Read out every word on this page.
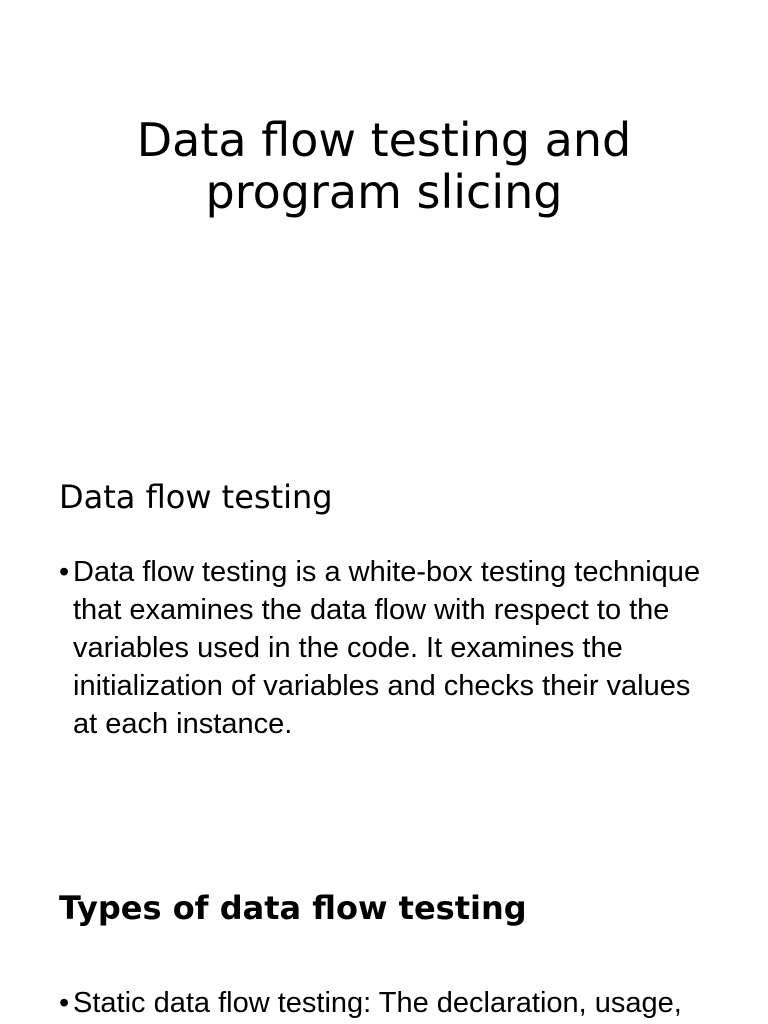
Data flow testing and
program slicing
Data flow testing
• Data flow testing is a white-box testing technique that examines the data flow with respect to the variables used in the code. It examines the initialization of variables and checks their values at each instance.
Types of data flow testing
• Static data flow testing: The declaration, usage,
